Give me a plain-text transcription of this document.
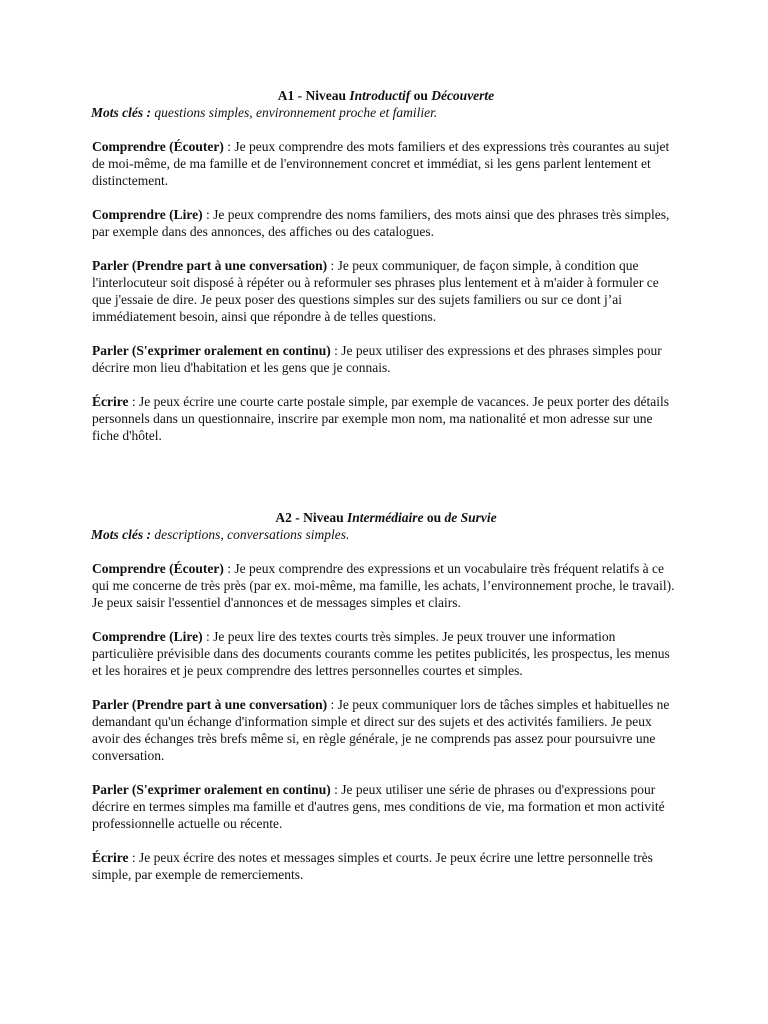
A1 - Niveau Introductif ou Découverte

Mots clés : questions simples, environnement proche et familier.

Comprendre (Écouter) : Je peux comprendre des mots familiers et des expressions très courantes au sujet de moi-même, de ma famille et de l'environnement concret et immédiat, si les gens parlent lentement et distinctement.

Comprendre (Lire) : Je peux comprendre des noms familiers, des mots ainsi que des phrases très simples, par exemple dans des annonces, des affiches ou des catalogues.

Parler (Prendre part à une conversation) : Je peux communiquer, de façon simple, à condition que l'interlocuteur soit disposé à répéter ou à reformuler ses phrases plus lentement et à m'aider à formuler ce que j'essaie de dire. Je peux poser des questions simples sur des sujets familiers ou sur ce dont j’ai immédiatement besoin, ainsi que répondre à de telles questions.

Parler (S'exprimer oralement en continu) : Je peux utiliser des expressions et des phrases simples pour décrire mon lieu d'habitation et les gens que je connais.

Écrire : Je peux écrire une courte carte postale simple, par exemple de vacances. Je peux porter des détails personnels dans un questionnaire, inscrire par exemple mon nom, ma nationalité et mon adresse sur une fiche d'hôtel.

A2 - Niveau Intermédiaire ou de Survie

Mots clés : descriptions, conversations simples.

Comprendre (Écouter) : Je peux comprendre des expressions et un vocabulaire très fréquent relatifs à ce qui me concerne de très près (par ex. moi-même, ma famille, les achats, l’environnement proche, le travail). Je peux saisir l'essentiel d'annonces et de messages simples et clairs.

Comprendre (Lire) : Je peux lire des textes courts très simples. Je peux trouver une information particulière prévisible dans des documents courants comme les petites publicités, les prospectus, les menus et les horaires et je peux comprendre des lettres personnelles courtes et simples.

Parler (Prendre part à une conversation) : Je peux communiquer lors de tâches simples et habituelles ne demandant qu'un échange d'information simple et direct sur des sujets et des activités familiers. Je peux avoir des échanges très brefs même si, en règle générale, je ne comprends pas assez pour poursuivre une conversation.

Parler (S'exprimer oralement en continu) : Je peux utiliser une série de phrases ou d'expressions pour décrire en termes simples ma famille et d'autres gens, mes conditions de vie, ma formation et mon activité professionnelle actuelle ou récente.

Écrire : Je peux écrire des notes et messages simples et courts. Je peux écrire une lettre personnelle très simple, par exemple de remerciements.
